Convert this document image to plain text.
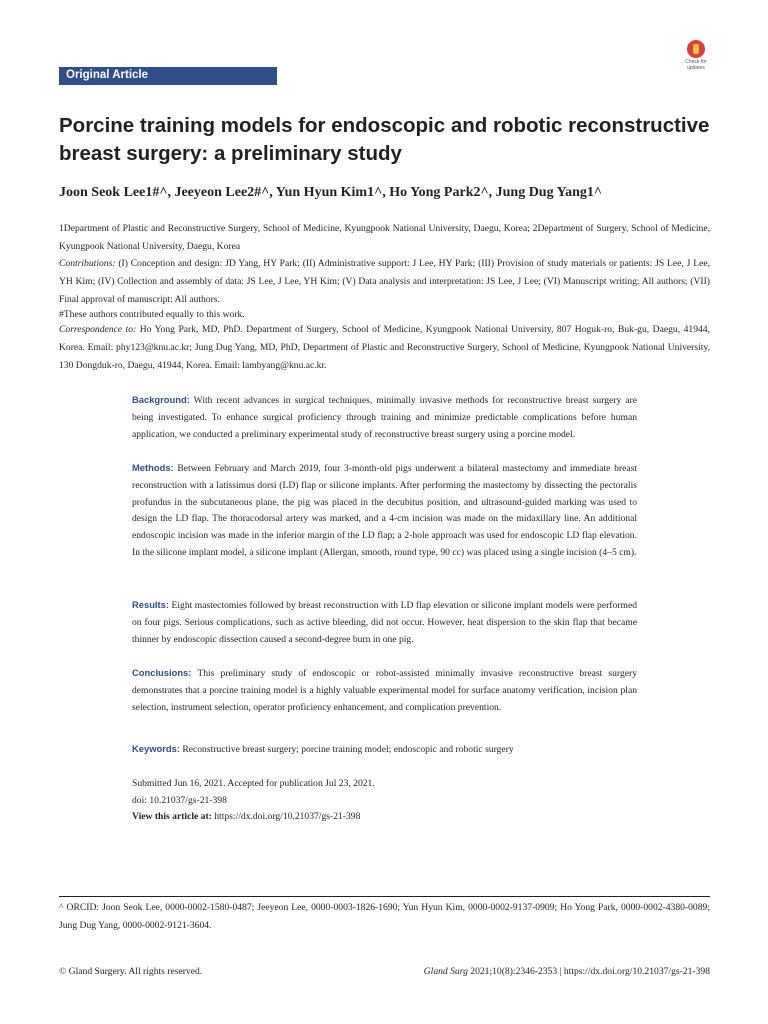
Original Article
Check for updates
Porcine training models for endoscopic and robotic reconstructive breast surgery: a preliminary study
Joon Seok Lee1#^, Jeeyeon Lee2#^, Yun Hyun Kim1^, Ho Yong Park2^, Jung Dug Yang1^
1Department of Plastic and Reconstructive Surgery, School of Medicine, Kyungpook National University, Daegu, Korea; 2Department of Surgery, School of Medicine, Kyungpook National University, Daegu, Korea
Contributions: (I) Conception and design: JD Yang, HY Park; (II) Administrative support: J Lee, HY Park; (III) Provision of study materials or patients: JS Lee, J Lee, YH Kim; (IV) Collection and assembly of data: JS Lee, J Lee, YH Kim; (V) Data analysis and interpretation: JS Lee, J Lee; (VI) Manuscript writing: All authors; (VII) Final approval of manuscript: All authors.
#These authors contributed equally to this work.
Correspondence to: Ho Yong Park, MD, PhD. Department of Surgery, School of Medicine, Kyungpook National University, 807 Hoguk-ro, Buk-gu, Daegu, 41944, Korea. Email: phy123@knu.ac.kr; Jung Dug Yang, MD, PhD, Department of Plastic and Reconstructive Surgery, School of Medicine, Kyungpook National University, 130 Dongduk-ro, Daegu, 41944, Korea. Email: lambyang@knu.ac.kr.
Background: With recent advances in surgical techniques, minimally invasive methods for reconstructive breast surgery are being investigated. To enhance surgical proficiency through training and minimize predictable complications before human application, we conducted a preliminary experimental study of reconstructive breast surgery using a porcine model.
Methods: Between February and March 2019, four 3-month-old pigs underwent a bilateral mastectomy and immediate breast reconstruction with a latissimus dorsi (LD) flap or silicone implants. After performing the mastectomy by dissecting the pectoralis profundus in the subcutaneous plane, the pig was placed in the decubitus position, and ultrasound-guided marking was used to design the LD flap. The thoracodorsal artery was marked, and a 4-cm incision was made on the midaxillary line. An additional endoscopic incision was made in the inferior margin of the LD flap; a 2-hole approach was used for endoscopic LD flap elevation. In the silicone implant model, a silicone implant (Allergan, smooth, round type, 90 cc) was placed using a single incision (4–5 cm).
Results: Eight mastectomies followed by breast reconstruction with LD flap elevation or silicone implant models were performed on four pigs. Serious complications, such as active bleeding, did not occur. However, heat dispersion to the skin flap that became thinner by endoscopic dissection caused a second-degree burn in one pig.
Conclusions: This preliminary study of endoscopic or robot-assisted minimally invasive reconstructive breast surgery demonstrates that a porcine training model is a highly valuable experimental model for surface anatomy verification, incision plan selection, instrument selection, operator proficiency enhancement, and complication prevention.
Keywords: Reconstructive breast surgery; porcine training model; endoscopic and robotic surgery
Submitted Jun 16, 2021. Accepted for publication Jul 23, 2021.
doi: 10.21037/gs-21-398
View this article at: https://dx.doi.org/10.21037/gs-21-398
^ ORCID: Joon Seok Lee, 0000-0002-1580-0487; Jeeyeon Lee, 0000-0003-1826-1690; Yun Hyun Kim, 0000-0002-9137-0909; Ho Yong Park, 0000-0002-4380-0089; Jung Dug Yang, 0000-0002-9121-3604.
© Gland Surgery. All rights reserved.	Gland Surg 2021;10(8):2346-2353 | https://dx.doi.org/10.21037/gs-21-398
